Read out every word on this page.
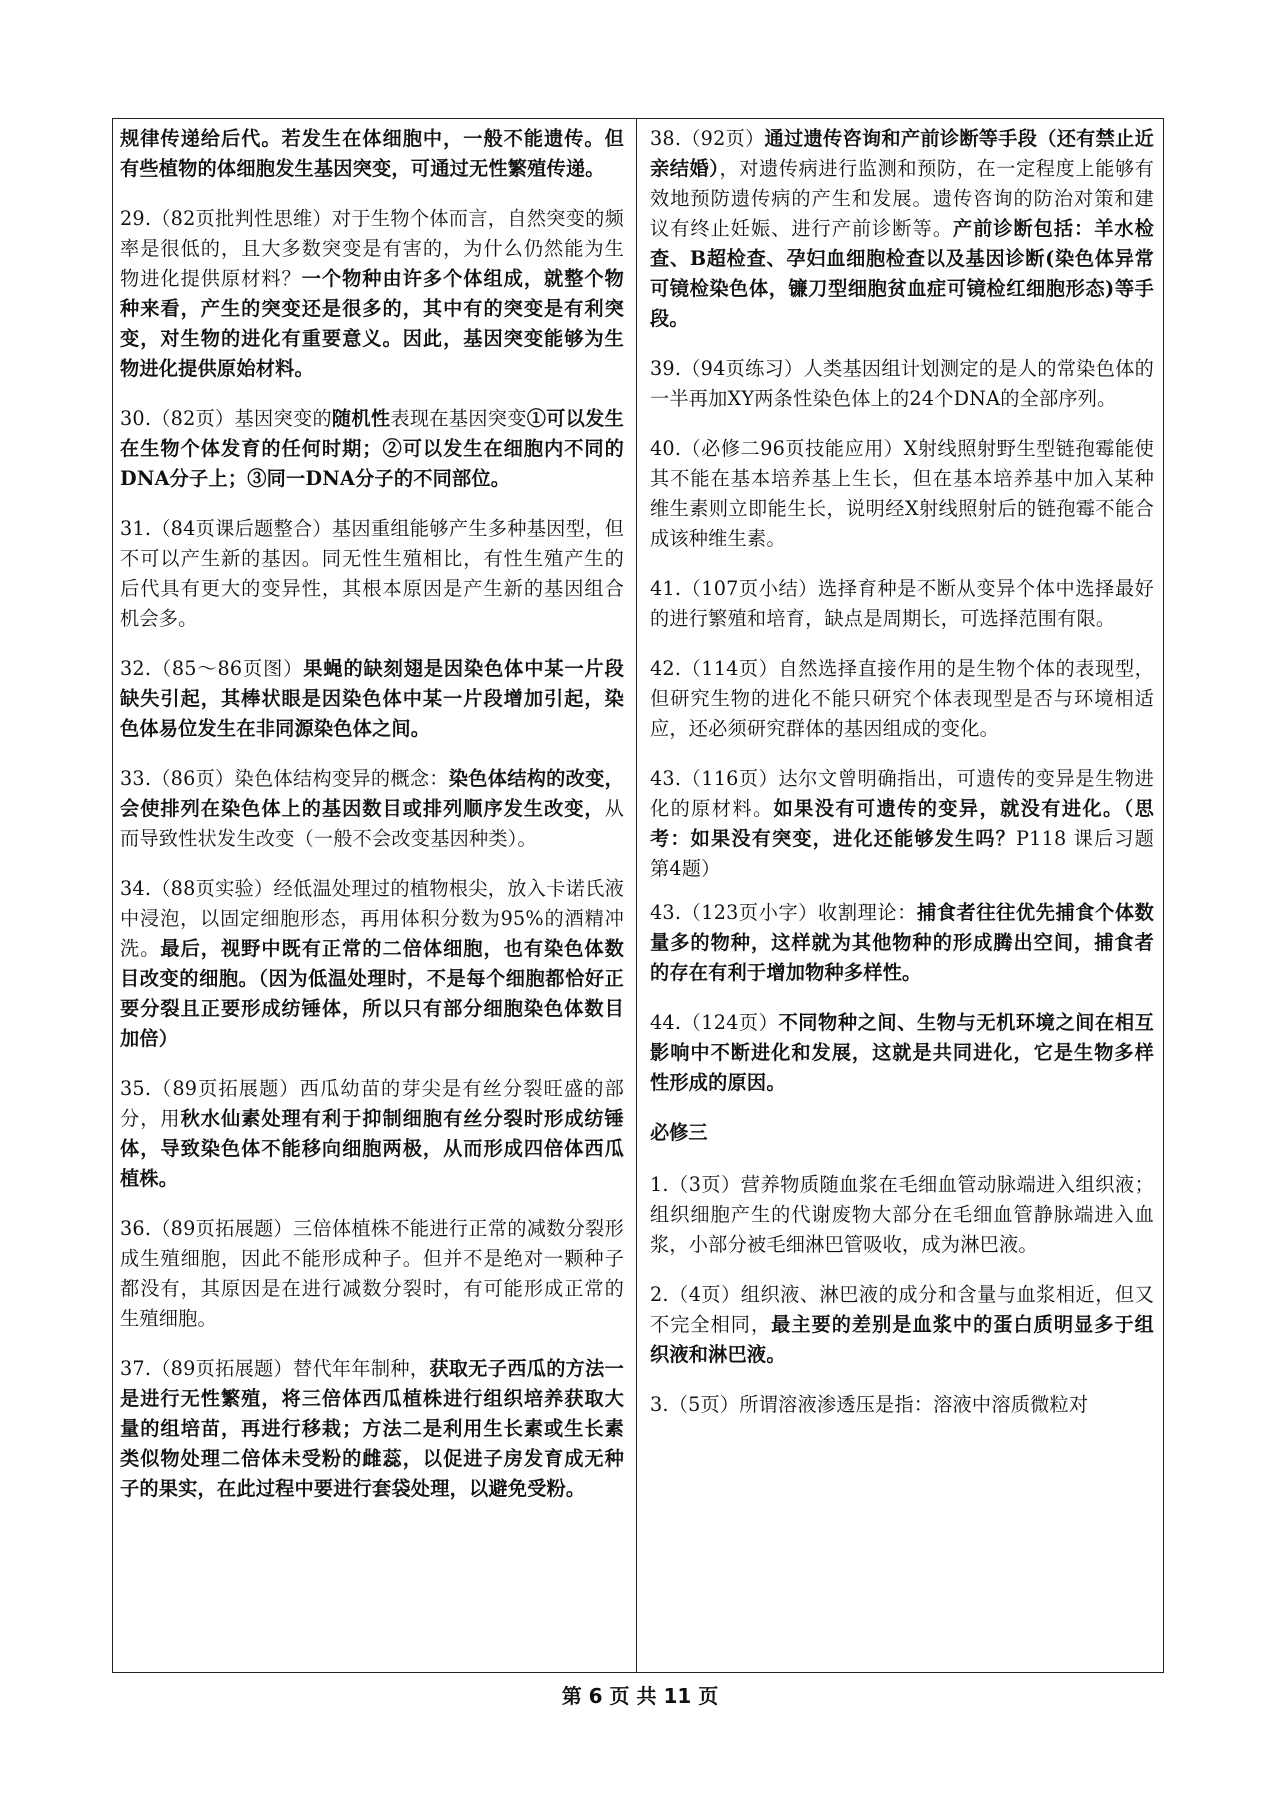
规律传递给后代。若发生在体细胞中，一般不能遗传。但有些植物的体细胞发生基因突变，可通过无性繁殖传递。

29.（82页批判性思维）对于生物个体而言，自然突变的频率是很低的，且大多数突变是有害的，为什么仍然能为生物进化提供原材料？一个物种由许多个体组成，就整个物种来看，产生的突变还是很多的，其中有的突变是有利突变，对生物的进化有重要意义。因此，基因突变能够为生物进化提供原始材料。

30.（82页）基因突变的随机性表现在基因突变①可以发生在生物个体发育的任何时期；②可以发生在细胞内不同的DNA分子上；③同一DNA分子的不同部位。

31.（84页课后题整合）基因重组能够产生多种基因型，但不可以产生新的基因。同无性生殖相比，有性生殖产生的后代具有更大的变异性，其根本原因是产生新的基因组合机会多。

32.（85～86页图）果蝇的缺刻翅是因染色体中某一片段缺失引起，其棒状眼是因染色体中某一片段增加引起，染色体易位发生在非同源染色体之间。

33.（86页）染色体结构变异的概念：染色体结构的改变，会使排列在染色体上的基因数目或排列顺序发生改变，从而导致性状发生改变（一般不会改变基因种类）。

34.（88页实验）经低温处理过的植物根尖，放入卡诺氏液中浸泡，以固定细胞形态，再用体积分数为95%的酒精冲洗。最后，视野中既有正常的二倍体细胞，也有染色体数目改变的细胞。（因为低温处理时，不是每个细胞都恰好正要分裂且正要形成纺锤体，所以只有部分细胞染色体数目加倍）

35.（89页拓展题）西瓜幼苗的芽尖是有丝分裂旺盛的部分，用秋水仙素处理有利于抑制细胞有丝分裂时形成纺锤体，导致染色体不能移向细胞两极，从而形成四倍体西瓜植株。

36.（89页拓展题）三倍体植株不能进行正常的减数分裂形成生殖细胞，因此不能形成种子。但并不是绝对一颗种子都没有，其原因是在进行减数分裂时，有可能形成正常的生殖细胞。

37.（89页拓展题）替代年年制种，获取无子西瓜的方法一是进行无性繁殖，将三倍体西瓜植株进行组织培养获取大量的组培苗，再进行移栽；方法二是利用生长素或生长素类似物处理二倍体未受粉的雌蕊，以促进子房发育成无种子的果实，在此过程中要进行套袋处理，以避免受粉。

38.（92页）通过遗传咨询和产前诊断等手段（还有禁止近亲结婚），对遗传病进行监测和预防，在一定程度上能够有效地预防遗传病的产生和发展。遗传咨询的防治对策和建议有终止妊娠、进行产前诊断等。产前诊断包括：羊水检查、B超检查、孕妇血细胞检查以及基因诊断(染色体异常可镜检染色体，镰刀型细胞贫血症可镜检红细胞形态)等手段。

39.（94页练习）人类基因组计划测定的是人的常染色体的一半再加XY两条性染色体上的24个DNA的全部序列。

40.（必修二96页技能应用）X射线照射野生型链孢霉能使其不能在基本培养基上生长，但在基本培养基中加入某种维生素则立即能生长，说明经X射线照射后的链孢霉不能合成该种维生素。

41.（107页小结）选择育种是不断从变异个体中选择最好的进行繁殖和培育，缺点是周期长，可选择范围有限。

42.（114页）自然选择直接作用的是生物个体的表现型，但研究生物的进化不能只研究个体表现型是否与环境相适应，还必须研究群体的基因组成的变化。

43.（116页）达尔文曾明确指出，可遗传的变异是生物进化的原材料。如果没有可遗传的变异，就没有进化。（思考：如果没有突变，进化还能够发生吗？P118 课后习题 第4题）

43.（123页小字）收割理论：捕食者往往优先捕食个体数量多的物种，这样就为其他物种的形成腾出空间，捕食者的存在有利于增加物种多样性。

44.（124页）不同物种之间、生物与无机环境之间在相互影响中不断进化和发展，这就是共同进化，它是生物多样性形成的原因。

必修三

1.（3页）营养物质随血浆在毛细血管动脉端进入组织液；组织细胞产生的代谢废物大部分在毛细血管静脉端进入血浆，小部分被毛细淋巴管吸收，成为淋巴液。

2.（4页）组织液、淋巴液的成分和含量与血浆相近，但又不完全相同，最主要的差别是血浆中的蛋白质明显多于组织液和淋巴液。

3.（5页）所谓溶液渗透压是指：溶液中溶质微粒对

第 6 页 共 11 页
